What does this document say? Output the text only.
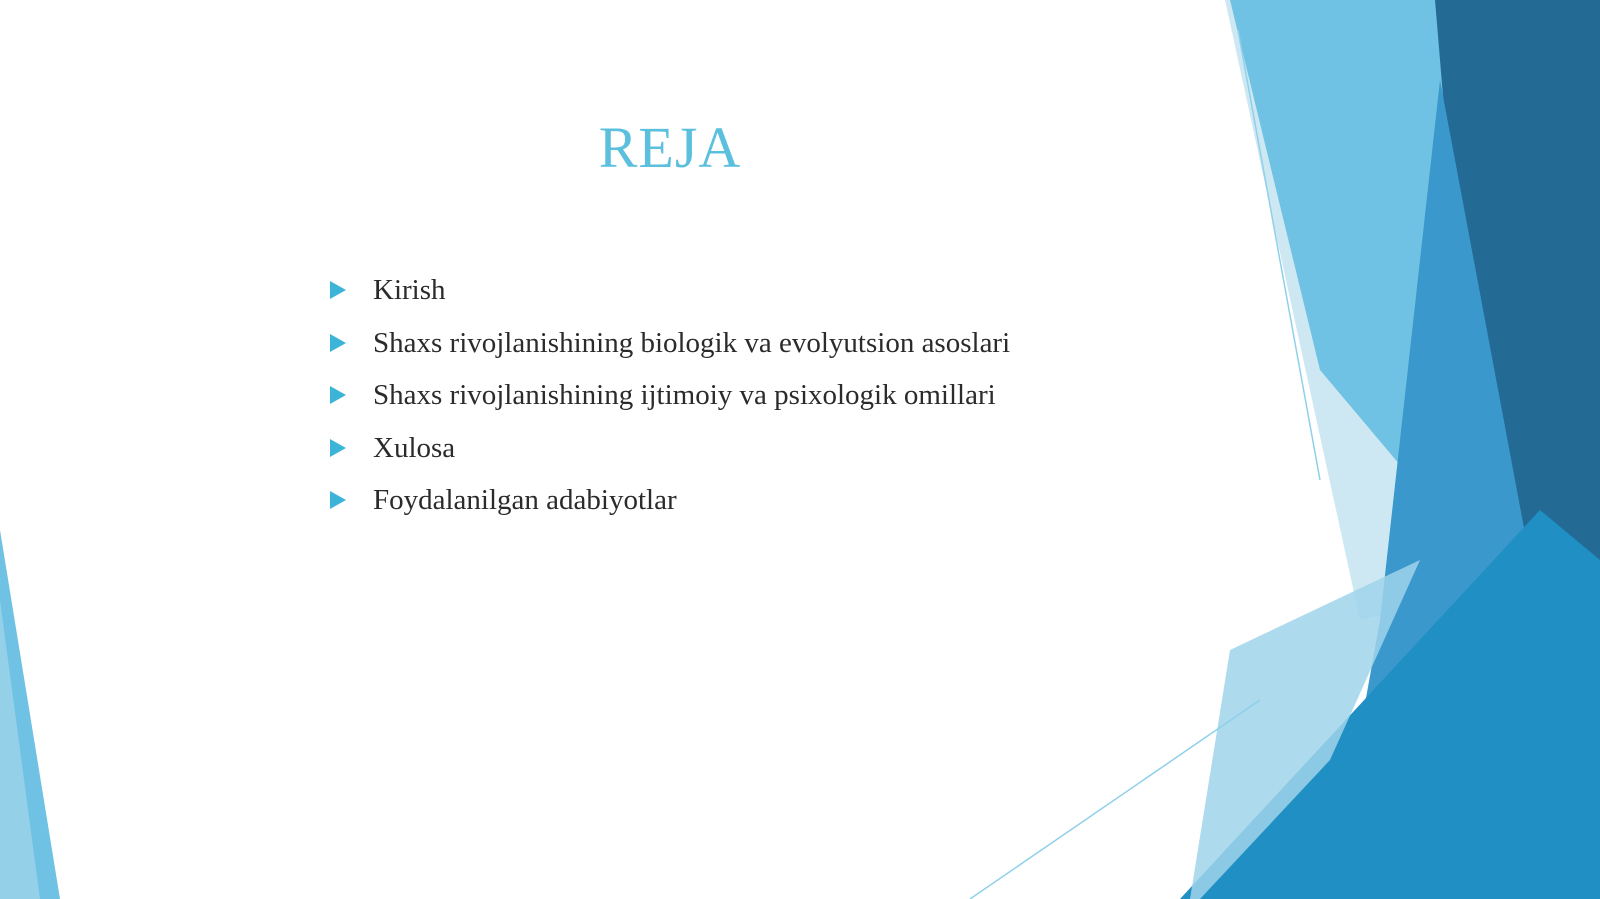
REJA
Kirish
Shaxs rivojlanishining biologik va evolyutsion asoslari
Shaxs rivojlanishining ijtimoiy va psixologik omillari
Xulosa
Foydalanilgan adabiyotlar
